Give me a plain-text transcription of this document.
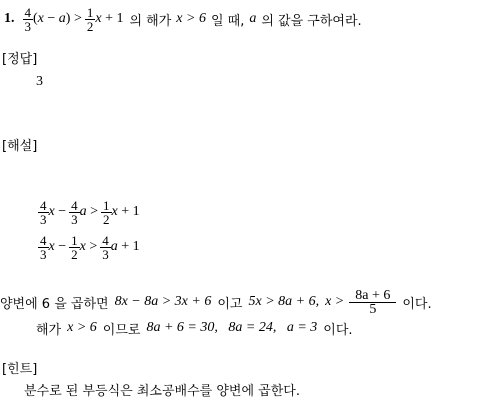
1. $\frac{4}{3} (x - a) > \frac{1}{2}$ x + 1 의 해가 x > 6 일 때, a 의 값을 구하여라.
[정답]
3
[해설]
$\frac{4}{3}$ $x - \frac{4}{3}$ $a > \frac{1}{2}$ x + 1
$\frac{4}{3}$ $x - \frac{1}{2}$ $x > \frac{4}{3}$ a + 1
양변에 6 을 곱하면 8x − 8a > 3x + 6 이고 5x > 8a + 6, $x > \frac{8a + 6}{5}$ 이다.
해가 x > 6 이므로 8a + 6 = 30,   8a = 24,   a = 3 이다.
[힌트]
분수로 된 부등식은 최소공배수를 양변에 곱한다.
